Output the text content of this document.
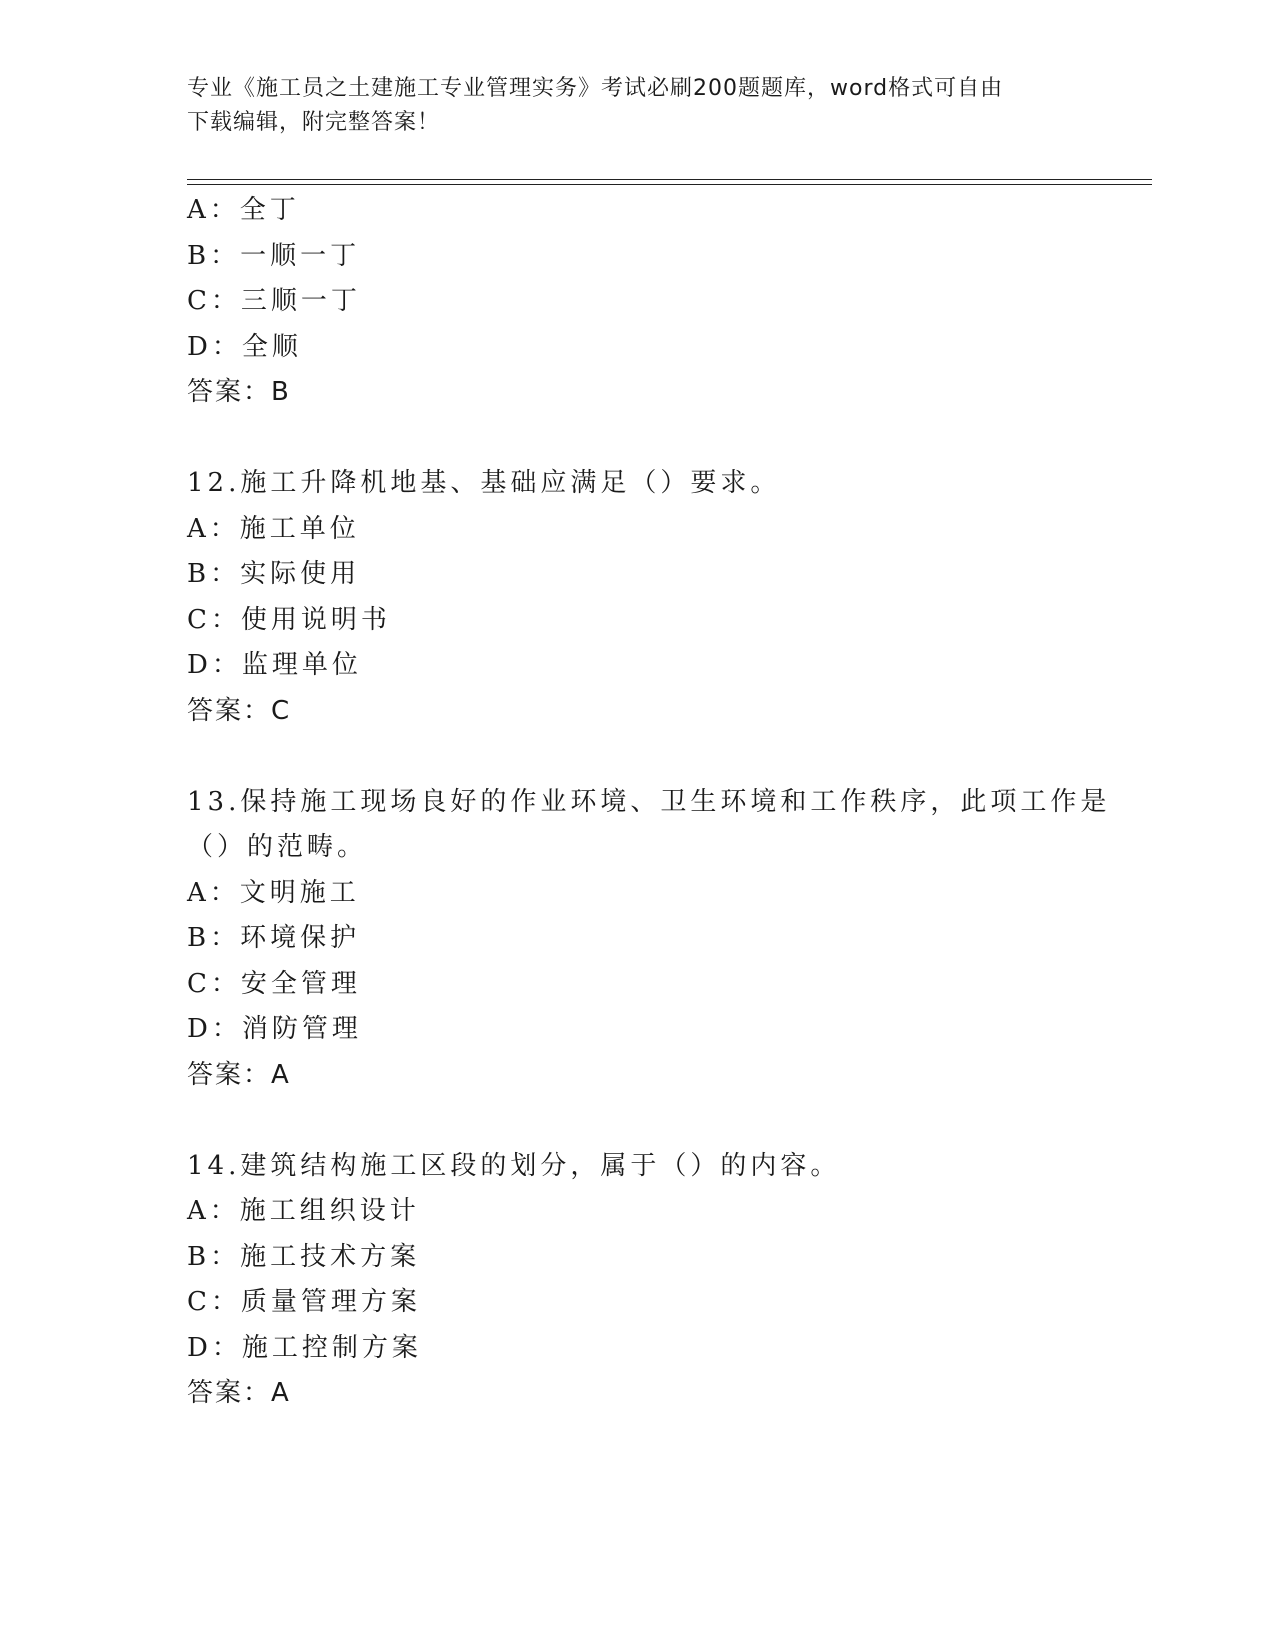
专业《施工员之土建施工专业管理实务》考试必刷200题题库，word格式可自由
下载编辑，附完整答案！
A：全丁
B：一顺一丁
C：三顺一丁
D：全顺
答案：B
12.施工升降机地基、基础应满足（）要求。
A：施工单位
B：实际使用
C：使用说明书
D：监理单位
答案：C
13.保持施工现场良好的作业环境、卫生环境和工作秩序，此项工作是
（）的范畴。
A：文明施工
B：环境保护
C：安全管理
D：消防管理
答案：A
14.建筑结构施工区段的划分，属于（）的内容。
A：施工组织设计
B：施工技术方案
C：质量管理方案
D：施工控制方案
答案：A
